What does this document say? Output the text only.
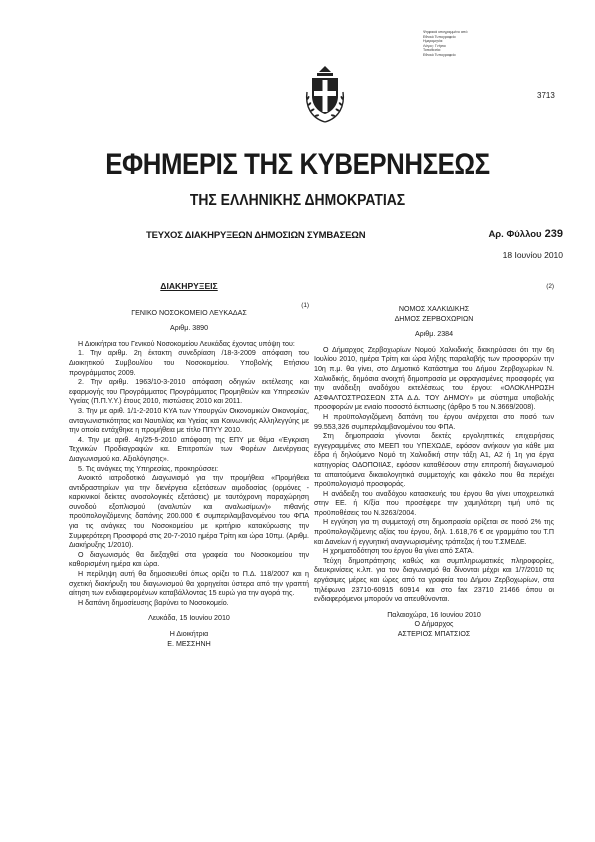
Ψηφιακά υπογραμμένο από
Εθνικό Τυπογραφείο
Ημερομηνία:
Λόγος: Γνήσιο
Τοποθεσία:
Εθνικό Τυπογραφείο
3713
ΕΦΗΜΕΡΙΣ ΤΗΣ ΚΥΒΕΡΝΗΣΕΩΣ
ΤΗΣ ΕΛΛΗΝΙΚΗΣ ΔΗΜΟΚΡΑΤΙΑΣ
ΤΕΥΧΟΣ ΔΙΑΚΗΡΥΞΕΩΝ ΔΗΜΟΣΙΩΝ ΣΥΜΒΑΣΕΩΝ	Αρ. Φύλλου 239
18 Ιουνίου 2010
ΔΙΑΚΗΡΥΞΕΙΣ
(1)
ΓΕΝΙΚΟ ΝΟΣΟΚΟΜΕΙΟ ΛΕΥΚΑΔΑΣ
Αριθμ. 3890

Η Διοικήτρια του Γενικού Νοσοκομείου Λευκάδας έχοντας υπόψη του:

1. Την αριθμ. 2η έκτακτη συνεδρίαση /18-3-2009 απόφαση του Διοικητικού Συμβουλίου του Νοσοκομείου. Υποβολής Ετήσιου προγράμματος 2009.

2. Την αριθμ. 1963/10-3-2010 απόφαση οδηγιών εκτέλεσης και εφαρμογής του Προγράμματος Προγράμματος Προμηθειών και Υπηρεσιών Υγείας (Π.Π.Υ.Υ.) έτους 2010, πιστώσεις 2010 και 2011.

3. Την με αριθ. 1/1-2-2010 ΚΥΑ των Υπουργών Οικονομικών Οικονομίας, ανταγωνιστικότητας και Ναυτιλίας και Υγείας και Κοινωνικής Αλληλεγγύης με την οποία εντάχθηκε η προμήθεια με τίτλο ΠΠΥΥ 2010.

4. Την με αριθ. 4η/25-5-2010 απόφαση της ΕΠΥ με θέμα «Έγκριση Τεχνικών Προδιαγραφών κα. Επιτροπών των Φορέων Διενέργειας Διαγωνισμού κα. Αξιολόγησης».

5. Τις ανάγκες της Υπηρεσίας, προκηρύσσει:

Ανοικτό ιατροδοτικό Διαγωνισμό για την προμήθεια «Προμήθεια αντιδραστηρίων για την διενέργεια εξετάσεων αιμοδοσίας (ορμόνες - καρκινικοί δείκτες ανοσολογικές εξετάσεις) με ταυτόχρονη παραχώρηση συνοδού εξοπλισμού (αναλυτών και αναλωσίμων)» πιθανής προϋπολογιζόμενης δαπάνης 200.000 € συμπεριλαμβανομένου του ΦΠΑ για τις ανάγκες του Νοσοκομείου με κριτήριο κατακύρωσης την Συμφερότερη Προσφορά στις 20-7-2010 ημέρα Τρίτη και ώρα 10πμ. (Αριθμ. Διακήρυξης 1/2010).

Ο διαγωνισμός θα διεξαχθεί στα γραφεία του Νοσοκομείου την καθορισμένη ημέρα και ώρα.

Η περίληψη αυτή θα δημοσιευθεί όπως ορίζει το Π.Δ. 118/2007 και η σχετική διακήρυξη του διαγωνισμού θα χορηγείται ύστερα από την γραπτή αίτηση των ενδιαφερομένων καταβάλλοντας 15 ευρώ για την αγορά της.

Η δαπάνη δημοσίευσης βαρύνει το Νοσοκομείο.

Λευκάδα, 15 Ιουνίου 2010
Η Διοικήτρια
Ε. ΜΕΣΣΗΝΗ
(2)
ΝΟΜΟΣ ΧΑΛΚΙΔΙΚΗΣ
ΔΗΜΟΣ ΖΕΡΒΟΧΩΡΙΩΝ
Αριθμ. 2384

Ο Δήμαρχος Ζερβοχωρίων Νομού Χαλκιδικής διακηρύσσει ότι την 6η Ιουλίου 2010, ημέρα Τρίτη και ώρα λήξης παραλαβής των προσφορών την 10η π.μ. θα γίνει, στο Δημοτικό Κατάστημα του Δήμου Ζερβοχωρίων Ν. Χαλκιδικής, δημόσια ανοιχτή δημοπρασία με σφραγισμένες προσφορές για την ανάδειξη αναδόχου εκτελέσεως του έργου: «ΟΛΟΚΛΗΡΩΣΗ ΑΣΦΑΛΤΟΣΤΡΩΣΕΩΝ ΣΤΑ Δ.Δ. ΤΟΥ ΔΗΜΟΥ» με σύστημα υποβολής προσφορών με ενιαίο ποσοστό έκπτωσης (άρθρο 5 του Ν.3669/2008).

Η προϋπολογιζόμενη δαπάνη του έργου ανέρχεται στο ποσό των 99.553,326 συμπεριλαμβανομένου του ΦΠΑ.

Στη δημοπρασία γίνονται δεκτές εργοληπτικές επιχειρήσεις εγγεγραμμένες στο ΜΕΕΠ του ΥΠΕΧΩΔΕ, εφόσον ανήκουν για κάθε μια έδρα ή δηλούμενο Νομό τη Χαλκιδική στην τάξη Α1, Α2 ή 1η για έργα κατηγορίας ΟΔΟΠΟΙΙΑΣ, εφόσον καταθέσουν στην επιτροπή διαγωνισμού τα απαιτούμενα δικαιολογητικά συμμετοχής και φάκελο που θα περιέχει προϋπολογισμό προσφοράς.

Η ανάδειξη του αναδόχου κατασκευής του έργου θα γίνει υποχρεωτικά στην ΕΕ. ή Κ/ξία που προσέφερε την χαμηλότερη τιμή υπό τις προϋποθέσεις του Ν.3263/2004.

Η εγγύηση για τη συμμετοχή στη δημοπρασία ορίζεται σε ποσό 2% της προϋπολογιζόμενης αξίας του έργου, δηλ. 1.618,76 € σε γραμμάτιο του Τ.Π και Δανείων ή εγγυητική αναγνωρισμένης τράπεζας ή του Τ.ΣΜΕΔΕ.

Η χρηματοδότηση του έργου θα γίνει από ΣΑΤΑ.

Τεύχη δημοπράτησης καθώς και συμπληρωματικές πληροφορίες, διευκρινίσεις κ.λπ. για τον διαγωνισμό θα δίνονται μέχρι και 1/7/2010 τις εργάσιμες μέρες και ώρες από τα γραφεία του Δήμου Ζερβοχωρίων, στα τηλέφωνα 23710-60915 60914 και στο fax 23710 21466 όπου οι ενδιαφερόμενοι μπορούν να απευθύνονται.

Παλαιοχώρα, 16 Ιουνίου 2010
Ο Δήμαρχος
ΑΣΤΕΡΙΟΣ ΜΠΑΤΣΙΟΣ
